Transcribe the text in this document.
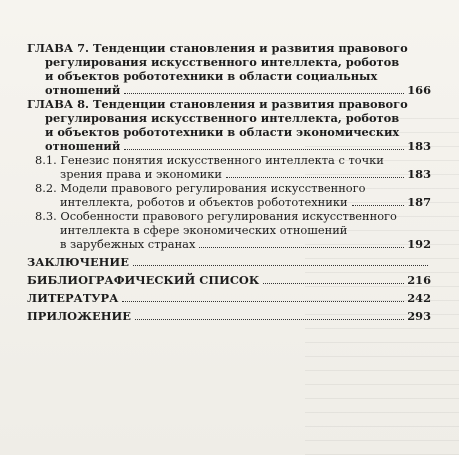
ГЛАВА 7. Тенденции становления и развития правового
регулирования искусственного интеллекта, роботов
и объектов робототехники в области социальных
отношений	166
ГЛАВА 8. Тенденции становления и развития правового
регулирования искусственного интеллекта, роботов
и объектов робототехники в области экономических
отношений	183
8.1. Генезис понятия искусственного интеллекта с точки
зрения права и экономики	183
8.2. Модели правового регулирования искусственного
интеллекта, роботов и объектов робототехники	187
8.3. Особенности правового регулирования искусственного
интеллекта в сфере экономических отношений
в зарубежных странах	192
ЗАКЛЮЧЕНИЕ
БИБЛИОГРАФИЧЕСКИЙ СПИСОК	216
ЛИТЕРАТУРА	242
ПРИЛОЖЕНИЕ	293
